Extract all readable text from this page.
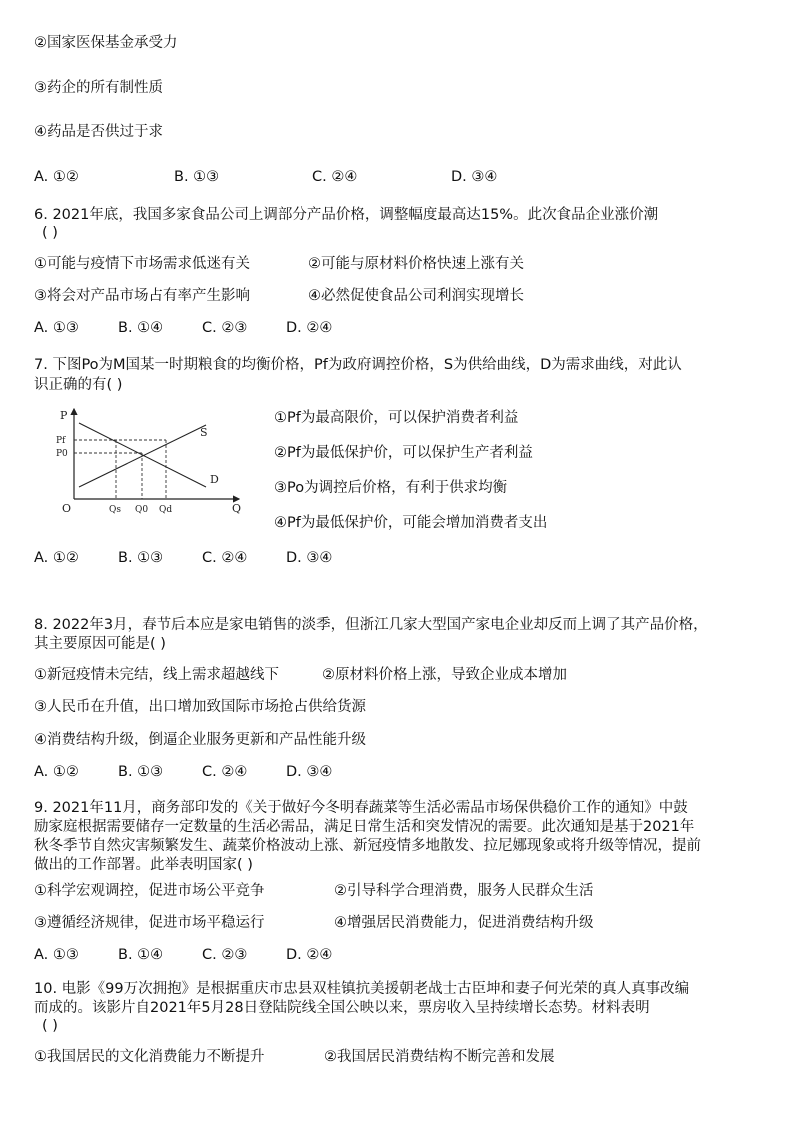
②国家医保基金承受力
③药企的所有制性质
④药品是否供过于求
A. ①②	B. ①③	C. ②④	D. ③④
6. 2021年底，我国多家食品公司上调部分产品价格，调整幅度最高达15%。此次食品企业涨价潮
( )
①可能与疫情下市场需求低迷有关	②可能与原材料价格快速上涨有关
③将会对产品市场占有率产生影响	④必然促使食品公司利润实现增长
A. ①③	B. ①④	C. ②③	D. ②④
7. 下图Po为M国某一时期粮食的均衡价格，Pf为政府调控价格，S为供给曲线，D为需求曲线，对此认
识正确的有( )
P
Pf
P0
O	Qs Q0 Qd	Q
S
D
①Pf为最高限价，可以保护消费者利益
②Pf为最低保护价，可以保护生产者利益
③Po为调控后价格，有利于供求均衡
④Pf为最低保护价，可能会增加消费者支出
A. ①②	B. ①③	C. ②④	D. ③④
8. 2022年3月，春节后本应是家电销售的淡季，但浙江几家大型国产家电企业却反而上调了其产品价格，
其主要原因可能是( )
①新冠疫情未完结，线上需求超越线下	②原材料价格上涨，导致企业成本增加
③人民币在升值，出口增加致国际市场抢占供给货源
④消费结构升级，倒逼企业服务更新和产品性能升级
A. ①②	B. ①③	C. ②④	D. ③④
9. 2021年11月，商务部印发的《关于做好今冬明春蔬菜等生活必需品市场保供稳价工作的通知》中鼓
励家庭根据需要储存一定数量的生活必需品，满足日常生活和突发情况的需要。此次通知是基于2021年
秋冬季节自然灾害频繁发生、蔬菜价格波动上涨、新冠疫情多地散发、拉尼娜现象或将升级等情况，提前
做出的工作部署。此举表明国家( )
①科学宏观调控，促进市场公平竞争	②引导科学合理消费，服务人民群众生活
③遵循经济规律，促进市场平稳运行	④增强居民消费能力，促进消费结构升级
A. ①③	B. ①④	C. ②③	D. ②④
10. 电影《99万次拥抱》是根据重庆市忠县双桂镇抗美援朝老战士古臣坤和妻子何光荣的真人真事改编
而成的。该影片自2021年5月28日登陆院线全国公映以来，票房收入呈持续增长态势。材料表明
( )
①我国居民的文化消费能力不断提升	②我国居民消费结构不断完善和发展
